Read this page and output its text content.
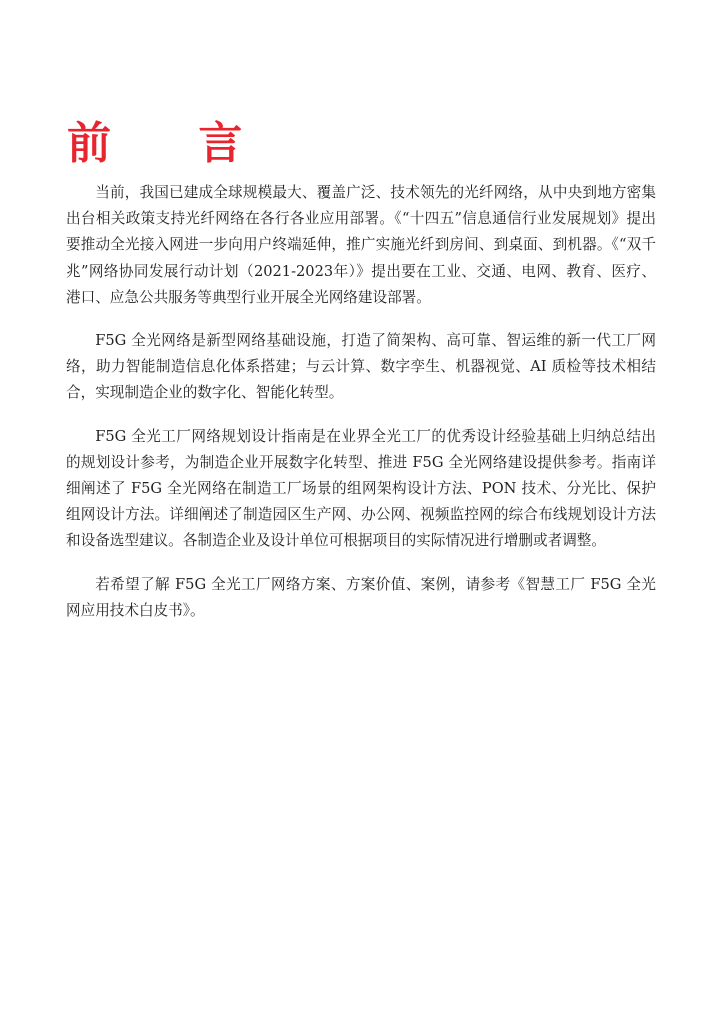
前 言

当前，我国已建成全球规模最大、覆盖广泛、技术领先的光纤网络，从中央到地方密集出台相关政策支持光纤网络在各行各业应用部署。《“十四五”信息通信行业发展规划》提出要推动全光接入网进一步向用户终端延伸，推广实施光纤到房间、到桌面、到机器。《“双千兆”网络协同发展行动计划（2021-2023年）》提出要在工业、交通、电网、教育、医疗、港口、应急公共服务等典型行业开展全光网络建设部署。

F5G 全光网络是新型网络基础设施，打造了简架构、高可靠、智运维的新一代工厂网络，助力智能制造信息化体系搭建；与云计算、数字孪生、机器视觉、AI 质检等技术相结合，实现制造企业的数字化、智能化转型。

F5G 全光工厂网络规划设计指南是在业界全光工厂的优秀设计经验基础上归纳总结出的规划设计参考，为制造企业开展数字化转型、推进 F5G 全光网络建设提供参考。指南详细阐述了 F5G 全光网络在制造工厂场景的组网架构设计方法、PON 技术、分光比、保护组网设计方法。详细阐述了制造园区生产网、办公网、视频监控网的综合布线规划设计方法和设备选型建议。各制造企业及设计单位可根据项目的实际情况进行增删或者调整。

若希望了解 F5G 全光工厂网络方案、方案价值、案例，请参考《智慧工厂 F5G 全光网应用技术白皮书》。
